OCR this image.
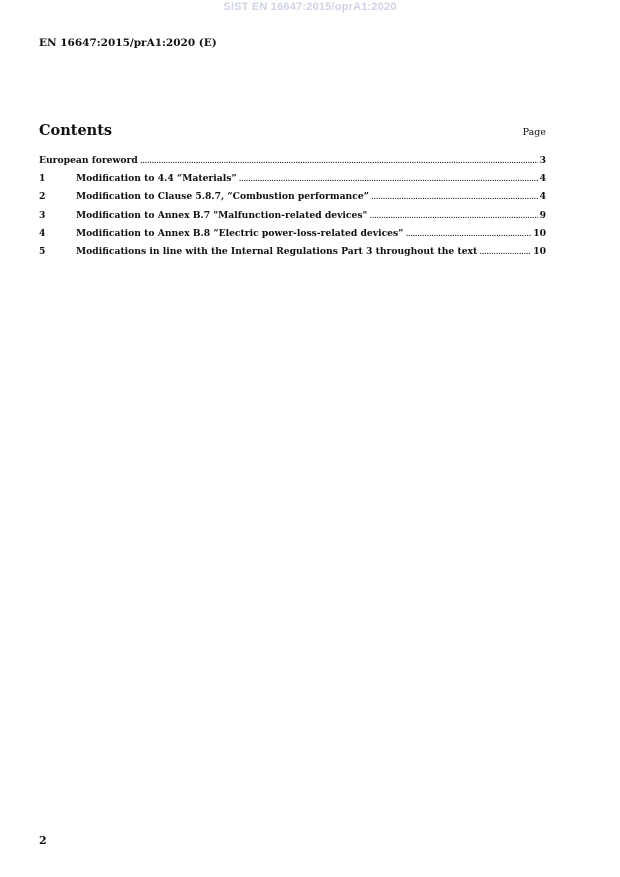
SIST EN 16647:2015/oprA1:2020
EN 16647:2015/prA1:2020 (E)
Contents	Page
European foreword .....	3
1	Modification to 4.4 “Materials” .....	4
2	Modification to Clause 5.8.7, “Combustion performance” .....	4
3	Modification to Annex B.7 "Malfunction-related devices" .....	9
4	Modification to Annex B.8 “Electric power-loss-related devices” .....	10
5	Modifications in line with the Internal Regulations Part 3 throughout the text .....	10
2
